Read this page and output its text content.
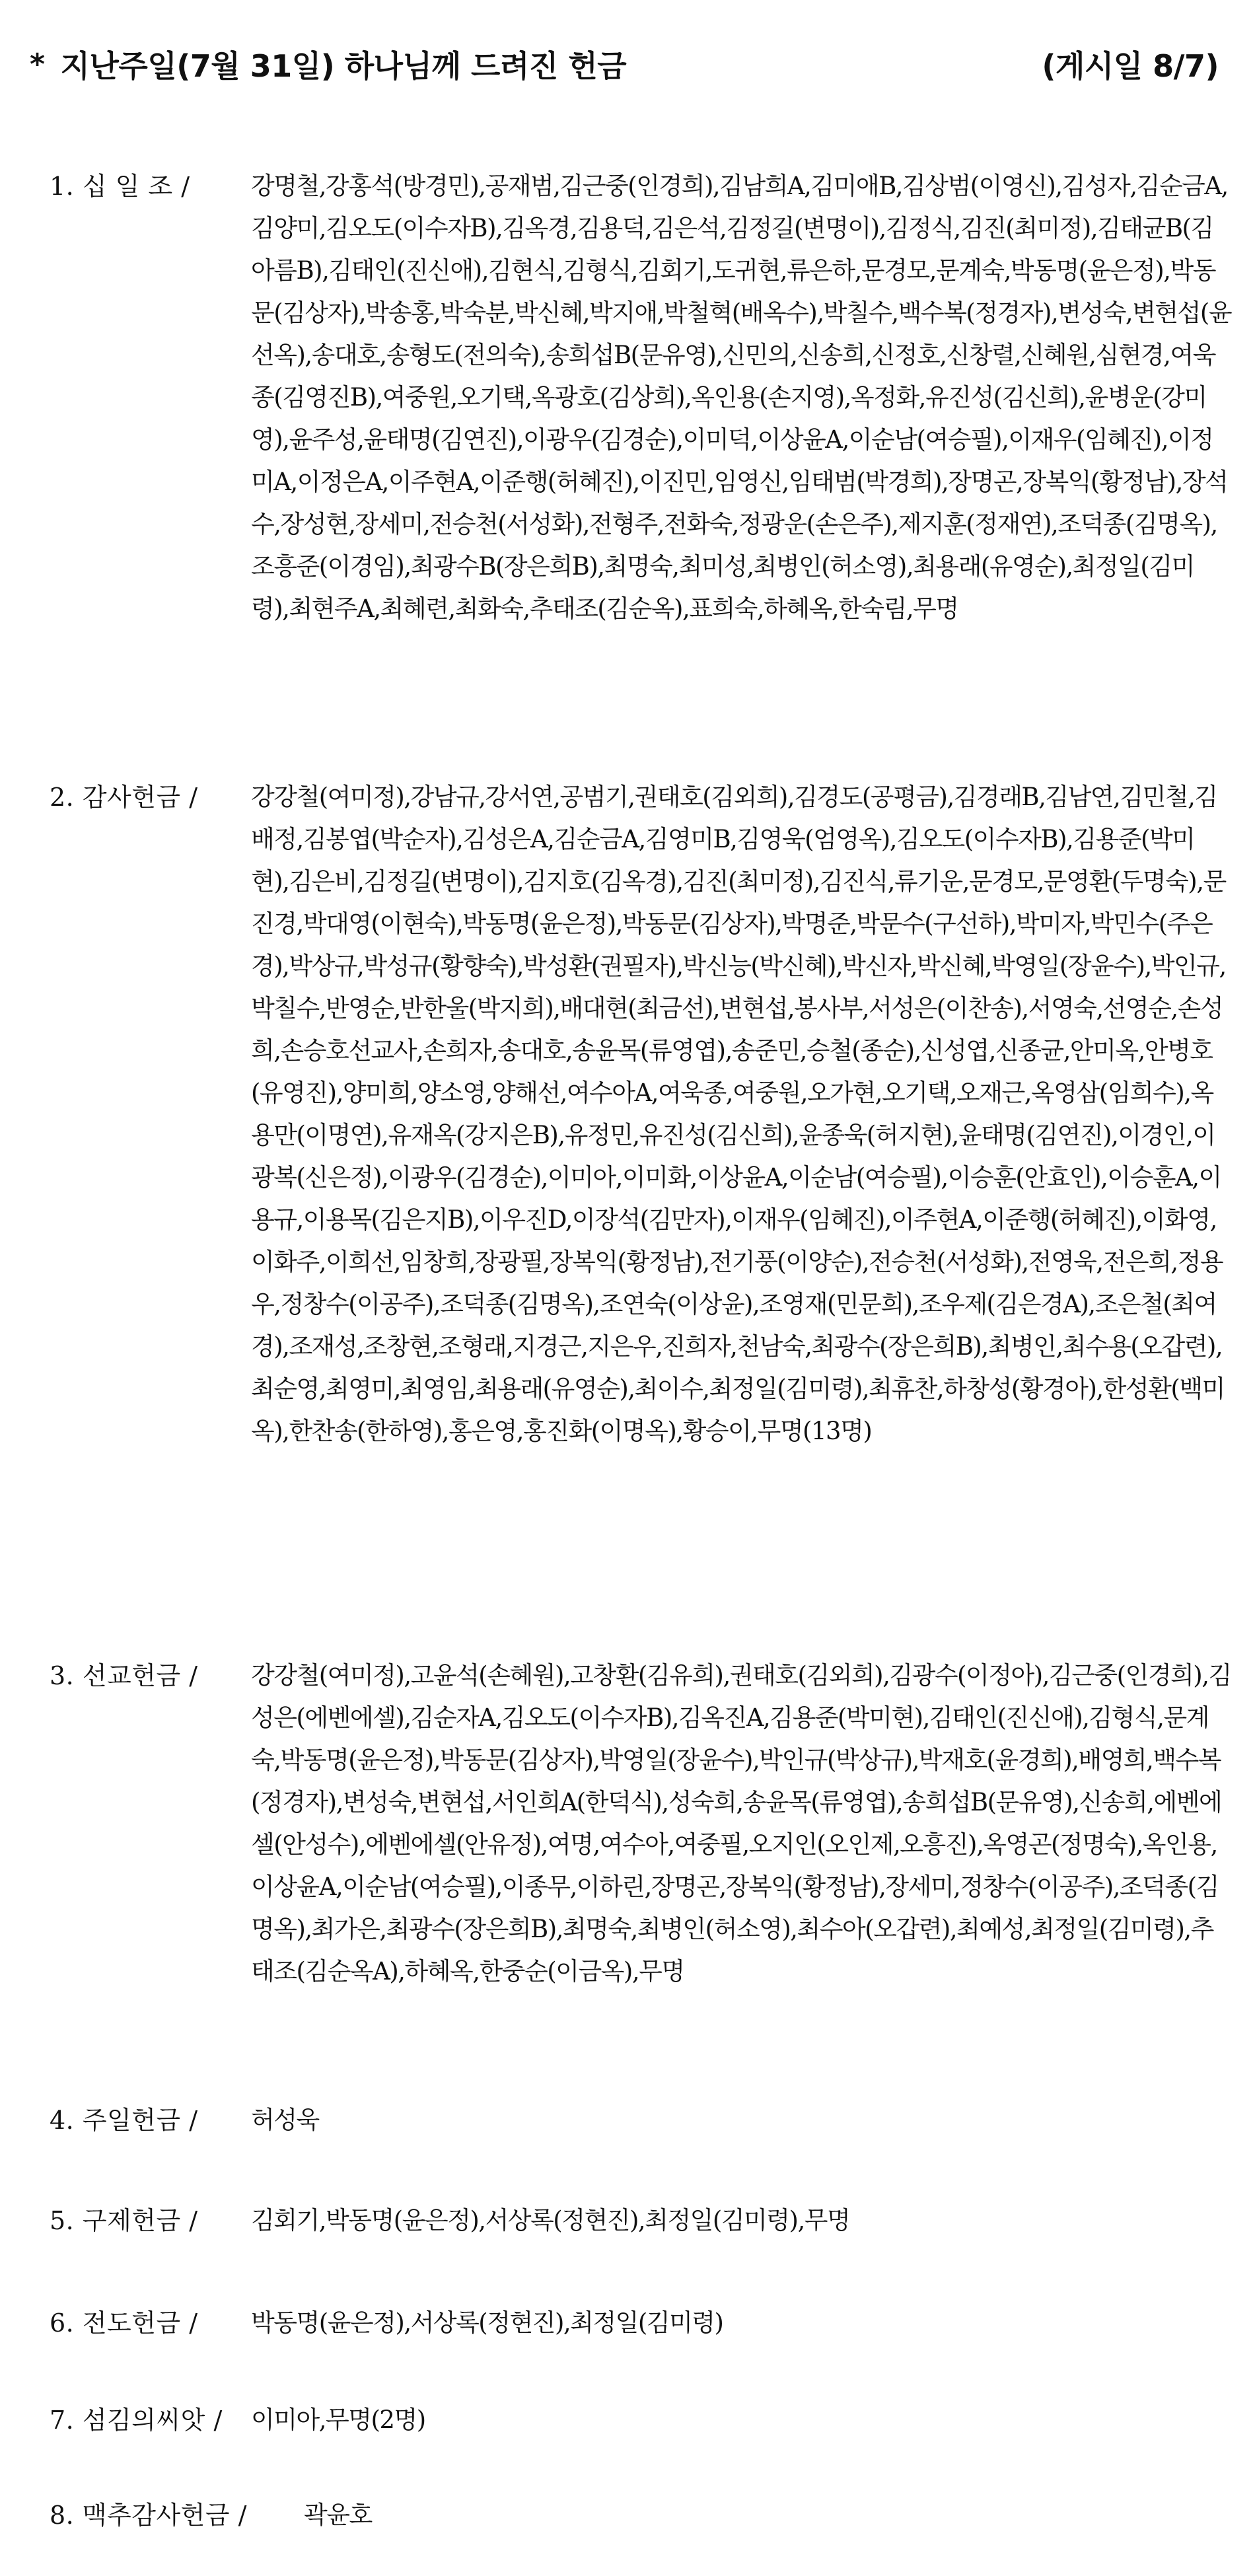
* 지난주일(7월 31일) 하나님께 드려진 헌금	(게시일 8/7)
1. 십 일 조 /	강명철,강홍석(방경민),공재범,김근중(인경희),김남희A,김미애B,김상범(이영신),김성자,김순금A,김양미,김오도(이수자B),김옥경,김용덕,김은석,김정길(변명이),김정식,김진(최미정),김태균B(김아름B),김태인(진신애),김현식,김형식,김회기,도귀현,류은하,문경모,문계숙,박동명(윤은정),박동문(김상자),박송홍,박숙분,박신혜,박지애,박철혁(배옥수),박칠수,백수복(정경자),변성숙,변현섭(윤선옥),송대호,송형도(전의숙),송희섭B(문유영),신민의,신송희,신정호,신창렬,신혜원,심현경,여욱종(김영진B),여중원,오기택,옥광호(김상희),옥인용(손지영),옥정화,유진성(김신희),윤병운(강미영),윤주성,윤태명(김연진),이광우(김경순),이미덕,이상윤A,이순남(여승필),이재우(임혜진),이정미A,이정은A,이주현A,이준행(허혜진),이진민,임영신,임태범(박경희),장명곤,장복익(황정남),장석수,장성현,장세미,전승천(서성화),전형주,전화숙,정광운(손은주),제지훈(정재연),조덕종(김명옥),조흥준(이경임),최광수B(장은희B),최명숙,최미성,최병인(허소영),최용래(유영순),최정일(김미령),최현주A,최혜련,최화숙,추태조(김순옥),표희숙,하혜옥,한숙림,무명
2. 감사헌금 /	강강철(여미정),강남규,강서연,공범기,권태호(김외희),김경도(공평금),김경래B,김남연,김민철,김배정,김봉엽(박순자),김성은A,김순금A,김영미B,김영욱(엄영옥),김오도(이수자B),김용준(박미현),김은비,김정길(변명이),김지호(김옥경),김진(최미정),김진식,류기운,문경모,문영환(두명숙),문진경,박대영(이현숙),박동명(윤은정),박동문(김상자),박명준,박문수(구선하),박미자,박민수(주은경),박상규,박성규(황향숙),박성환(권필자),박신능(박신혜),박신자,박신혜,박영일(장윤수),박인규,박칠수,반영순,반한울(박지희),배대현(최금선),변현섭,봉사부,서성은(이찬송),서영숙,선영순,손성희,손승호선교사,손희자,송대호,송윤목(류영엽),송준민,승철(종순),신성엽,신종균,안미옥,안병호(유영진),양미희,양소영,양해선,여수아A,여욱종,여중원,오가현,오기택,오재근,옥영삼(임희수),옥용만(이명연),유재옥(강지은B),유정민,유진성(김신희),윤종욱(허지현),윤태명(김연진),이경인,이광복(신은정),이광우(김경순),이미아,이미화,이상윤A,이순남(여승필),이승훈(안효인),이승훈A,이용규,이용목(김은지B),이우진D,이장석(김만자),이재우(임혜진),이주현A,이준행(허혜진),이화영,이화주,이희선,임창희,장광필,장복익(황정남),전기풍(이양순),전승천(서성화),전영욱,전은희,정용우,정창수(이공주),조덕종(김명옥),조연숙(이상윤),조영재(민문희),조우제(김은경A),조은철(최여경),조재성,조창현,조형래,지경근,지은우,진희자,천남숙,최광수(장은희B),최병인,최수용(오갑련),최순영,최영미,최영임,최용래(유영순),최이수,최정일(김미령),최휴찬,하창성(황경아),한성환(백미옥),한찬송(한하영),홍은영,홍진화(이명옥),황승이,무명(13명)
3. 선교헌금 /	강강철(여미정),고윤석(손혜원),고창환(김유희),권태호(김외희),김광수(이정아),김근중(인경희),김성은(에벤에셀),김순자A,김오도(이수자B),김옥진A,김용준(박미현),김태인(진신애),김형식,문계숙,박동명(윤은정),박동문(김상자),박영일(장윤수),박인규(박상규),박재호(윤경희),배영희,백수복(정경자),변성숙,변현섭,서인희A(한덕식),성숙희,송윤목(류영엽),송희섭B(문유영),신송희,에벤에셀(안성수),에벤에셀(안유정),여명,여수아,여중필,오지인(오인제,오흥진),옥영곤(정명숙),옥인용,이상윤A,이순남(여승필),이종무,이하린,장명곤,장복익(황정남),장세미,정창수(이공주),조덕종(김명옥),최가은,최광수(장은희B),최명숙,최병인(허소영),최수아(오갑련),최예성,최정일(김미령),추태조(김순옥A),하혜옥,한중순(이금옥),무명
4. 주일헌금 /	허성욱
5. 구제헌금 /	김회기,박동명(윤은정),서상록(정현진),최정일(김미령),무명
6. 전도헌금 /	박동명(윤은정),서상록(정현진),최정일(김미령)
7. 섬김의씨앗 /	이미아,무명(2명)
8. 맥추감사헌금 /	곽윤호
